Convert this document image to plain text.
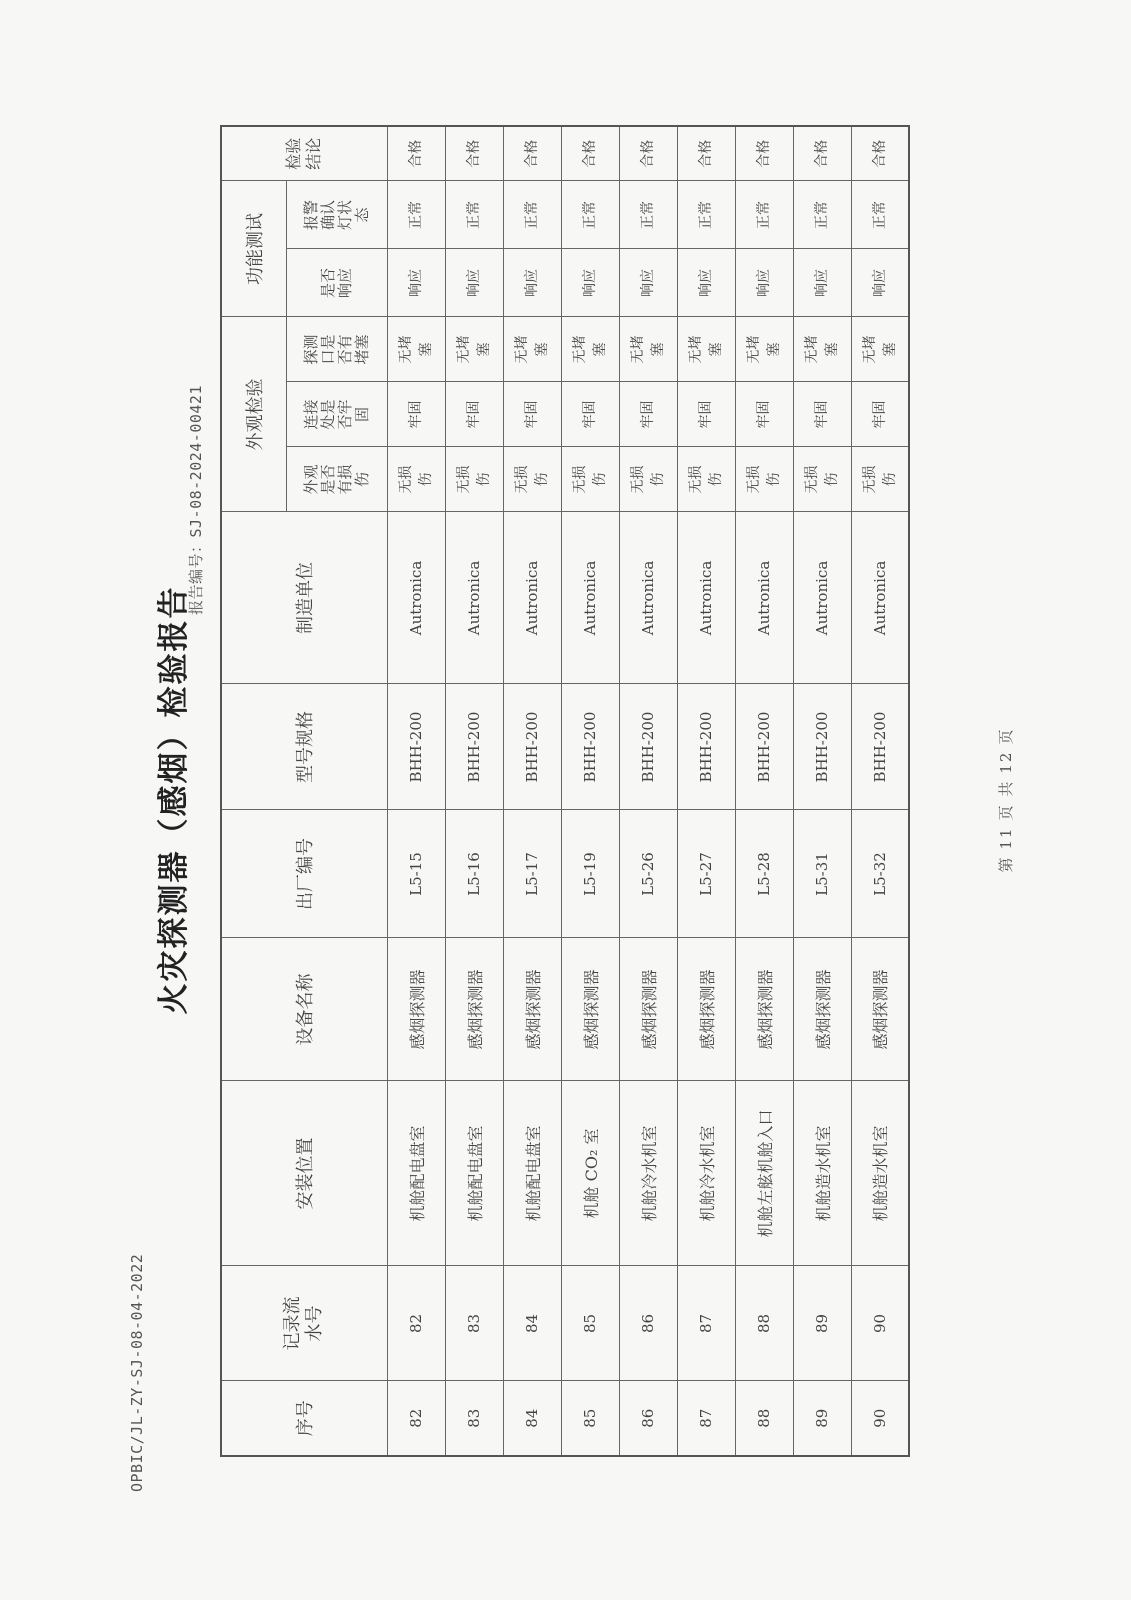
OPBIC/JL-ZY-SJ-08-04-2022
火灾探测器（感烟）检验报告
报告编号：SJ-08-2024-00421
序号	记录流水号	安装位置	设备名称	出厂编号	型号规格	制造单位	外观检验			功能测试		检验结论
							外观是否有损伤	连接处是否牢固	探测口是否有堵塞	是否响应	报警确认灯状态	
82	82	机舱配电盘室	感烟探测器	L5-15	BHH-200	Autronica	无损伤	牢固	无堵塞	响应	正常	合格
83	83	机舱配电盘室	感烟探测器	L5-16	BHH-200	Autronica	无损伤	牢固	无堵塞	响应	正常	合格
84	84	机舱配电盘室	感烟探测器	L5-17	BHH-200	Autronica	无损伤	牢固	无堵塞	响应	正常	合格
85	85	机舱 CO₂ 室	感烟探测器	L5-19	BHH-200	Autronica	无损伤	牢固	无堵塞	响应	正常	合格
86	86	机舱冷水机室	感烟探测器	L5-26	BHH-200	Autronica	无损伤	牢固	无堵塞	响应	正常	合格
87	87	机舱冷水机室	感烟探测器	L5-27	BHH-200	Autronica	无损伤	牢固	无堵塞	响应	正常	合格
88	88	机舱左舷机舱入口	感烟探测器	L5-28	BHH-200	Autronica	无损伤	牢固	无堵塞	响应	正常	合格
89	89	机舱造水机室	感烟探测器	L5-31	BHH-200	Autronica	无损伤	牢固	无堵塞	响应	正常	合格
90	90	机舱造水机室	感烟探测器	L5-32	BHH-200	Autronica	无损伤	牢固	无堵塞	响应	正常	合格
第11页 共12页
